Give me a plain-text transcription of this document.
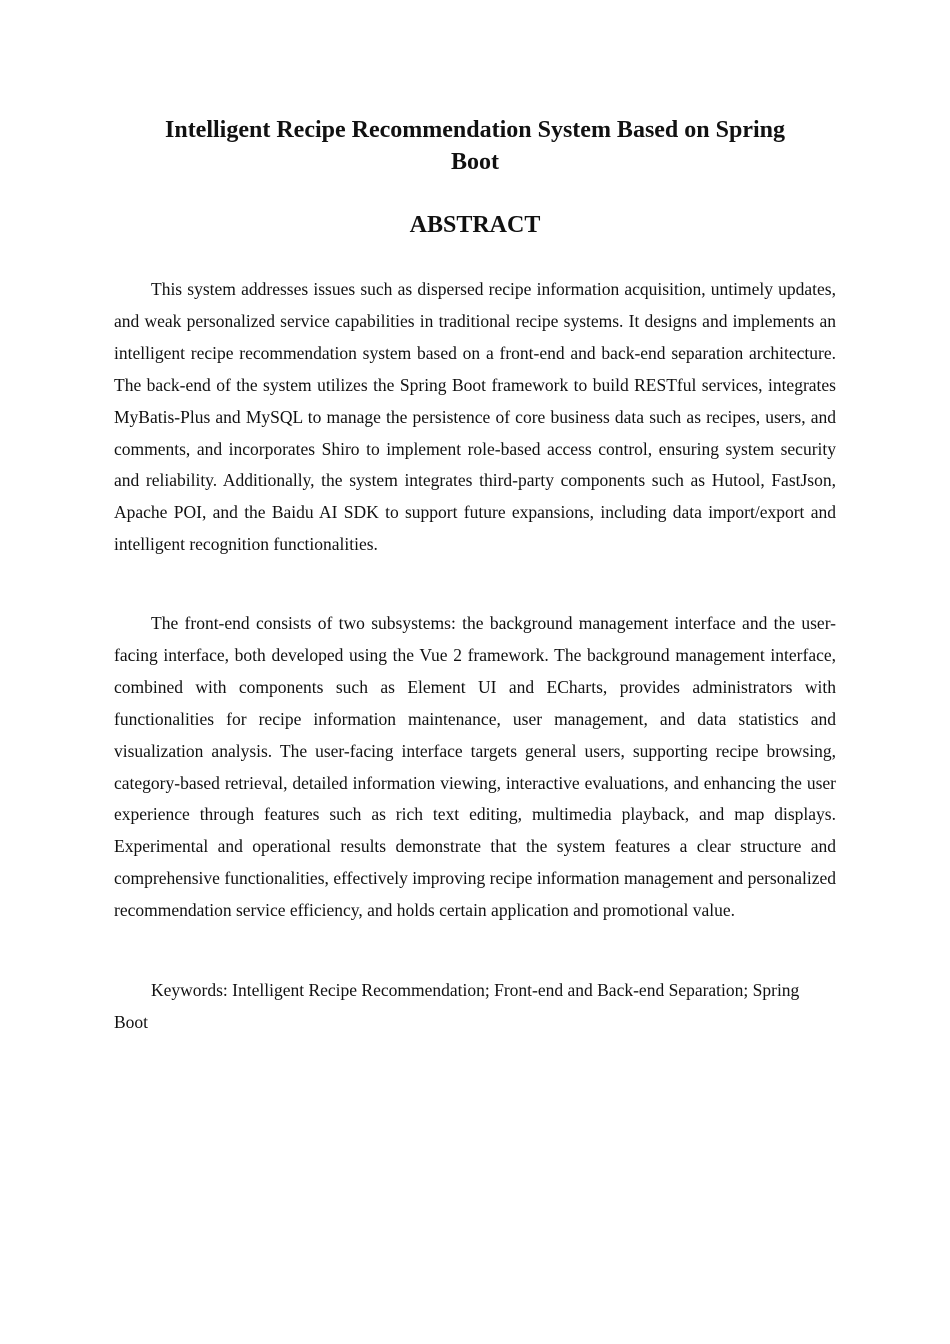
Intelligent Recipe Recommendation System Based on Spring Boot
ABSTRACT

This system addresses issues such as dispersed recipe information acquisition, untimely updates, and weak personalized service capabilities in traditional recipe systems. It designs and implements an intelligent recipe recommendation system based on a front-end and back-end separation architecture. The back-end of the system utilizes the Spring Boot framework to build RESTful services, integrates MyBatis-Plus and MySQL to manage the persistence of core business data such as recipes, users, and comments, and incorporates Shiro to implement role-based access control, ensuring system security and reliability. Additionally, the system integrates third-party components such as Hutool, FastJson, Apache POI, and the Baidu AI SDK to support future expansions, including data import/export and intelligent recognition functionalities.

The front-end consists of two subsystems: the background management interface and the user-facing interface, both developed using the Vue 2 framework. The background management interface, combined with components such as Element UI and ECharts, provides administrators with functionalities for recipe information maintenance, user management, and data statistics and visualization analysis. The user-facing interface targets general users, supporting recipe browsing, category-based retrieval, detailed information viewing, interactive evaluations, and enhancing the user experience through features such as rich text editing, multimedia playback, and map displays. Experimental and operational results demonstrate that the system features a clear structure and comprehensive functionalities, effectively improving recipe information management and personalized recommendation service efficiency, and holds certain application and promotional value.

Keywords: Intelligent Recipe Recommendation; Front-end and Back-end Separation; Spring Boot
